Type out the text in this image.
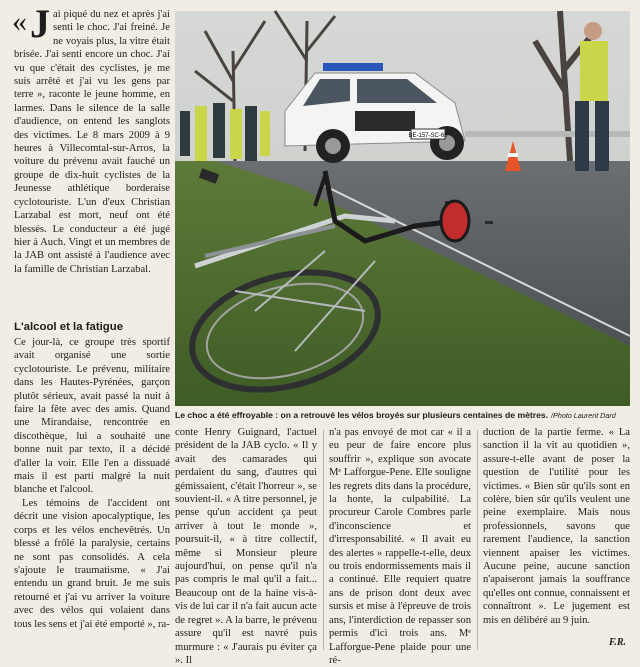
« J ai piqué du nez et après j'ai senti le choc. J'ai freiné. Je ne voyais plus, la vitre était brisée. J'ai senti encore un choc. J'ai vu que c'était des cyclistes, je me suis arrêté et j'ai vu les gens par terre », raconte le jeune homme, en larmes. Dans le silence de la salle d'audience, on entend les sanglots des victimes. Le 8 mars 2009 à 9 heures à Villecomtal-sur-Arros, la voiture du prévenu avait fauché un groupe de dix-huit cyclistes de la Jeunesse athlétique borderaise cyclotouriste. L'un d'eux Christian Larzabal est mort, neuf ont été blessés. Le conducteur a été jugé hier à Auch. Vingt et un membres de la JAB ont assisté à l'audience avec la famille de Christian Larzabal.
BE-157-SC-65
Le choc a été effroyable : on a retrouvé les vélos broyés sur plusieurs centaines de mètres. /Photo Laurent Dard
L'alcool et la fatigue

Ce jour-là, ce groupe très sportif avait organisé une sortie cyclotouriste. Le prévenu, militaire dans les Hautes-Pyrénées, garçon plutôt sérieux, avait passé la nuit à faire la fête avec des amis. Quand une Mirandaise, rencontrée en discothèque, lui a souhaité une bonne nuit par texto, il a décidé d'aller la voir. Elle l'en a dissuadé mais il est parti malgré la nuit blanche et l'alcool.

Les témoins de l'accident ont décrit une vision apocalyptique, les corps et les vélos enchevêtrés. Un blessé a frôlé la paralysie, certains ne sont pas consolidés. A cela s'ajoute le traumatisme. « J'ai entendu un grand bruit. Je me suis retourné et j'ai vu arriver la voiture avec des vélos qui volaient dans tous les sens et j'ai été emporté », ra-

conte Henry Guignard, l'actuel président de la JAB cyclo. « Il y avait des camarades qui perdaient du sang, d'autres qui gémissaient, c'était l'horreur », se souvient-il. « A titre personnel, je pense qu'un accident ça peut arriver à tout le monde », poursuit-il, « à titre collectif, même si Monsieur pleure aujourd'hui, on pense qu'il n'a pas compris le mal qu'il a fait... Beaucoup ont de la haine vis-à-vis de lui car il n'a fait aucun acte de regret ». A la barre, le prévenu assure qu'il est navré puis murmure : « J'aurais pu éviter ça ». Il

n'a pas envoyé de mot car « il a eu peur de faire encore plus souffrir », explique son avocate Mᵉ Lafforgue-Pene. Elle souligne les regrets dits dans la procédure, la honte, la culpabilité. La procureur Carole Combres parle d'inconscience et d'irresponsabilité. « Il avait eu des alertes » rappelle-t-elle, deux ou trois endormissements mais il a continué. Elle requiert quatre ans de prison dont deux avec sursis et mise à l'épreuve de trois ans, l'interdiction de repasser son permis d'ici trois ans. Mᵉ Lafforgue-Pene plaide pour une ré-

duction de la partie ferme. « La sanction il la vit au quotidien », assure-t-elle avant de poser la question de l'utilité pour les victimes. « Bien sûr qu'ils sont en colère, bien sûr qu'ils veulent une peine exemplaire. Mais nous professionnels, savons que rarement l'audience, la sanction viennent apaiser les victimes. Aucune peine, aucune sanction n'apaiseront jamais la souffrance qu'elles ont connue, connaissent et connaîtront ». Le jugement est mis en délibéré au 9 juin.

F.R.
